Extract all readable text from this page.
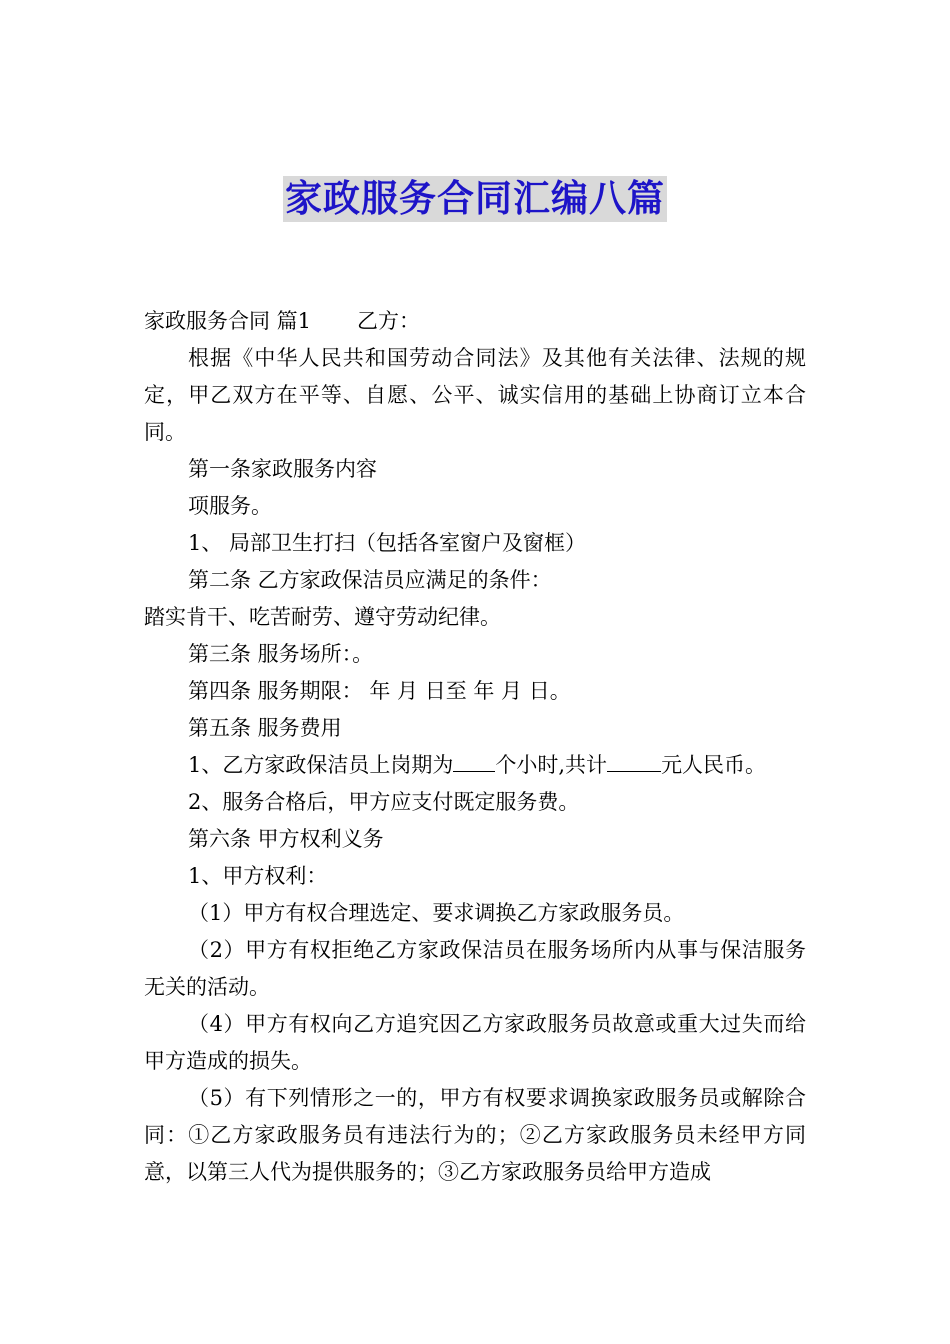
家政服务合同汇编八篇

家政服务合同 篇1 乙方：

根据《中华人民共和国劳动合同法》及其他有关法律、法规的规定，甲乙双方在平等、自愿、公平、诚实信用的基础上协商订立本合同。

第一条家政服务内容

项服务。

1、 局部卫生打扫（包括各室窗户及窗框）

第二条 乙方家政保洁员应满足的条件：

踏实肯干、吃苦耐劳、遵守劳动纪律。

第三条 服务场所：。

第四条 服务期限： 年 月 日至 年 月 日。

第五条 服务费用

1、乙方家政保洁员上岗期为 个小时,共计	元人民币。

2、服务合格后，甲方应支付既定服务费。

第六条 甲方权利义务

1、甲方权利：

（1）甲方有权合理选定、要求调换乙方家政服务员。

（2）甲方有权拒绝乙方家政保洁员在服务场所内从事与保洁服务无关的活动。

（4）甲方有权向乙方追究因乙方家政服务员故意或重大过失而给甲方造成的损失。

（5）有下列情形之一的，甲方有权要求调换家政服务员或解除合同：①乙方家政服务员有违法行为的；②乙方家政服务员未经甲方同意，以第三人代为提供服务的；③乙方家政服务员给甲方造成
